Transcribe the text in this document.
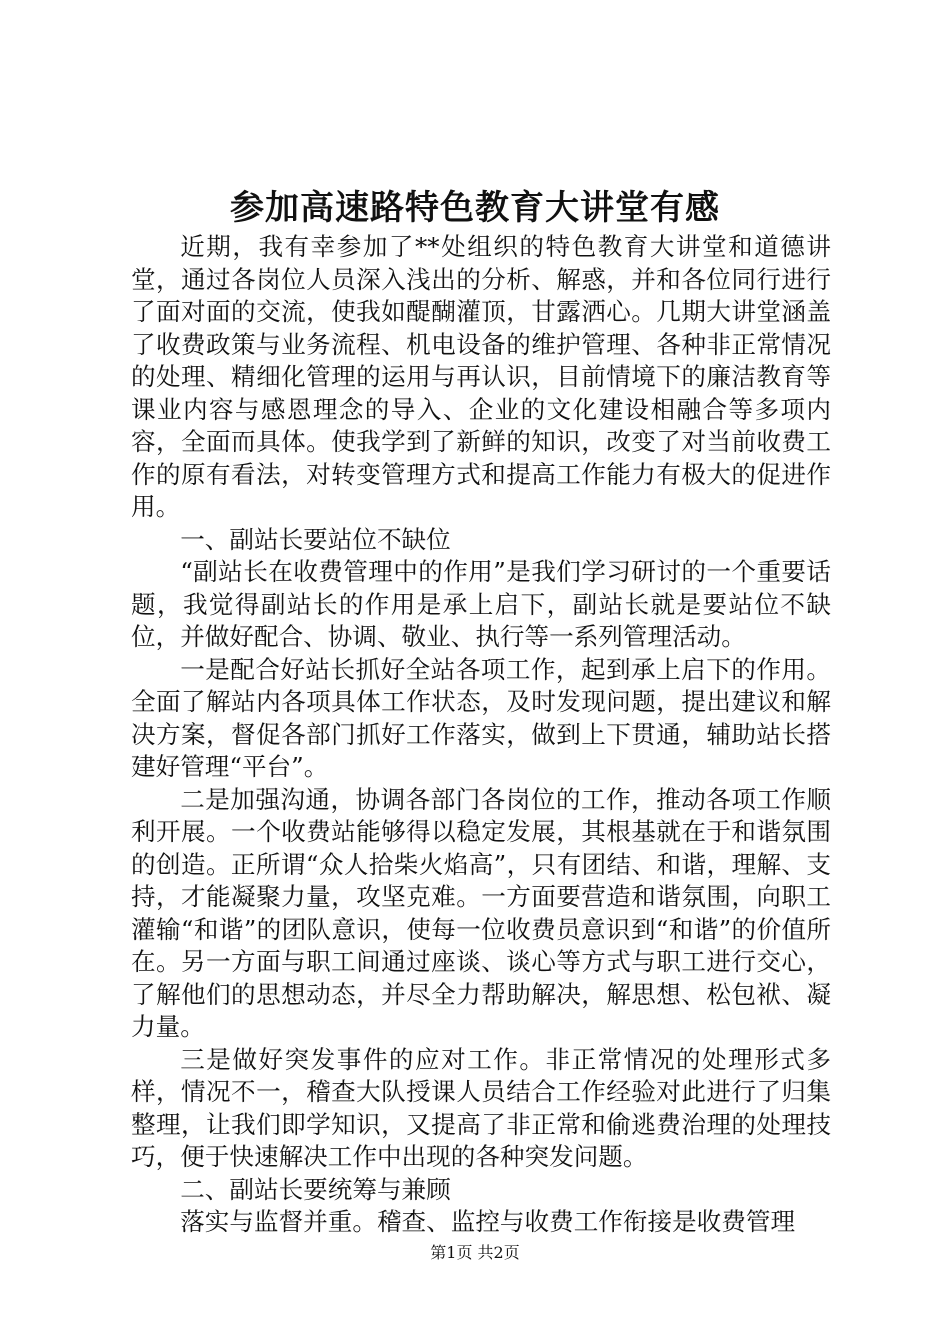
参加高速路特色教育大讲堂有感

近期，我有幸参加了**处组织的特色教育大讲堂和道德讲堂，通过各岗位人员深入浅出的分析、解惑，并和各位同行进行了面对面的交流，使我如醍醐灌顶，甘露洒心。几期大讲堂涵盖了收费政策与业务流程、机电设备的维护管理、各种非正常情况的处理、精细化管理的运用与再认识，目前情境下的廉洁教育等课业内容与感恩理念的导入、企业的文化建设相融合等多项内容，全面而具体。使我学到了新鲜的知识，改变了对当前收费工作的原有看法，对转变管理方式和提高工作能力有极大的促进作用。

一、副站长要站位不缺位

“副站长在收费管理中的作用”是我们学习研讨的一个重要话题，我觉得副站长的作用是承上启下，副站长就是要站位不缺位，并做好配合、协调、敬业、执行等一系列管理活动。

一是配合好站长抓好全站各项工作，起到承上启下的作用。全面了解站内各项具体工作状态，及时发现问题，提出建议和解决方案，督促各部门抓好工作落实，做到上下贯通，辅助站长搭建好管理“平台”。

二是加强沟通，协调各部门各岗位的工作，推动各项工作顺利开展。一个收费站能够得以稳定发展，其根基就在于和谐氛围的创造。正所谓“众人拾柴火焰高”，只有团结、和谐，理解、支持，才能凝聚力量，攻坚克难。一方面要营造和谐氛围，向职工灌输“和谐”的团队意识，使每一位收费员意识到“和谐”的价值所在。另一方面与职工间通过座谈、谈心等方式与职工进行交心，了解他们的思想动态，并尽全力帮助解决，解思想、松包袱、凝力量。

三是做好突发事件的应对工作。非正常情况的处理形式多样，情况不一，稽查大队授课人员结合工作经验对此进行了归集整理，让我们即学知识，又提高了非正常和偷逃费治理的处理技巧，便于快速解决工作中出现的各种突发问题。

二、副站长要统筹与兼顾

落实与监督并重。稽查、监控与收费工作衔接是收费管理

第1页 共2页
